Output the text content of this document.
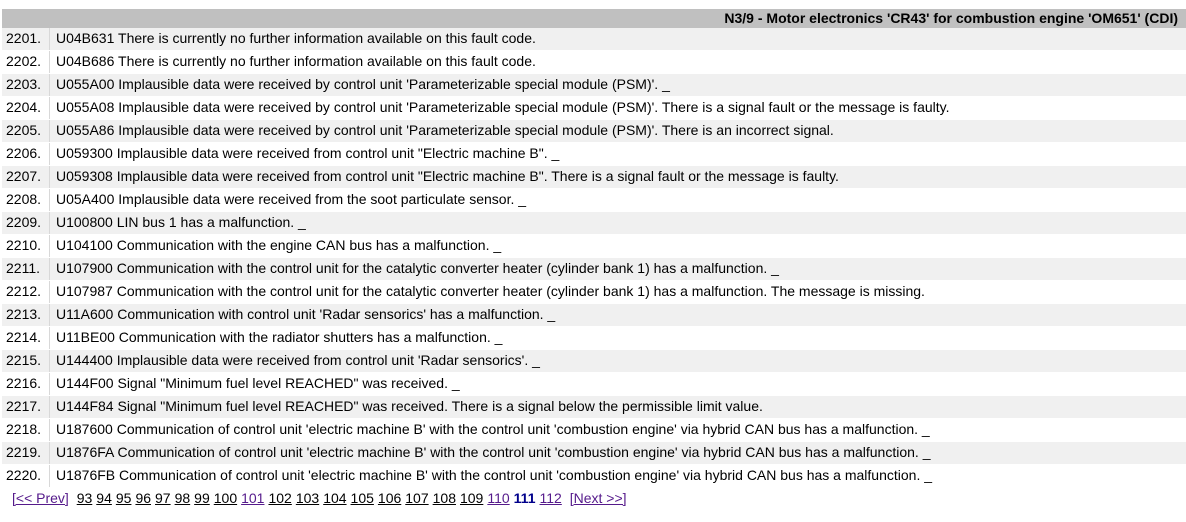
N3/9 - Motor electronics 'CR43' for combustion engine 'OM651' (CDI)
2201.	U04B631 There is currently no further information available on this fault code.
2202.	U04B686 There is currently no further information available on this fault code.
2203.	U055A00 Implausible data were received by control unit 'Parameterizable special module (PSM)'. _
2204.	U055A08 Implausible data were received by control unit 'Parameterizable special module (PSM)'. There is a signal fault or the message is faulty.
2205.	U055A86 Implausible data were received by control unit 'Parameterizable special module (PSM)'. There is an incorrect signal.
2206.	U059300 Implausible data were received from control unit "Electric machine B". _
2207.	U059308 Implausible data were received from control unit "Electric machine B". There is a signal fault or the message is faulty.
2208.	U05A400 Implausible data were received from the soot particulate sensor. _
2209.	U100800 LIN bus 1 has a malfunction. _
2210.	U104100 Communication with the engine CAN bus has a malfunction. _
2211.	U107900 Communication with the control unit for the catalytic converter heater (cylinder bank 1) has a malfunction. _
2212.	U107987 Communication with the control unit for the catalytic converter heater (cylinder bank 1) has a malfunction. The message is missing.
2213.	U11A600 Communication with control unit 'Radar sensorics' has a malfunction. _
2214.	U11BE00 Communication with the radiator shutters has a malfunction. _
2215.	U144400 Implausible data were received from control unit 'Radar sensorics'. _
2216.	U144F00 Signal "Minimum fuel level REACHED" was received. _
2217.	U144F84 Signal "Minimum fuel level REACHED" was received. There is a signal below the permissible limit value.
2218.	U187600 Communication of control unit 'electric machine B' with the control unit 'combustion engine' via hybrid CAN bus has a malfunction. _
2219.	U1876FA Communication of control unit 'electric machine B' with the control unit 'combustion engine' via hybrid CAN bus has a malfunction. _
2220.	U1876FB Communication of control unit 'electric machine B' with the control unit 'combustion engine' via hybrid CAN bus has a malfunction. _
[<< Prev] 93 94 95 96 97 98 99 100 101 102 103 104 105 106 107 108 109 110 111 112 [Next >>]
